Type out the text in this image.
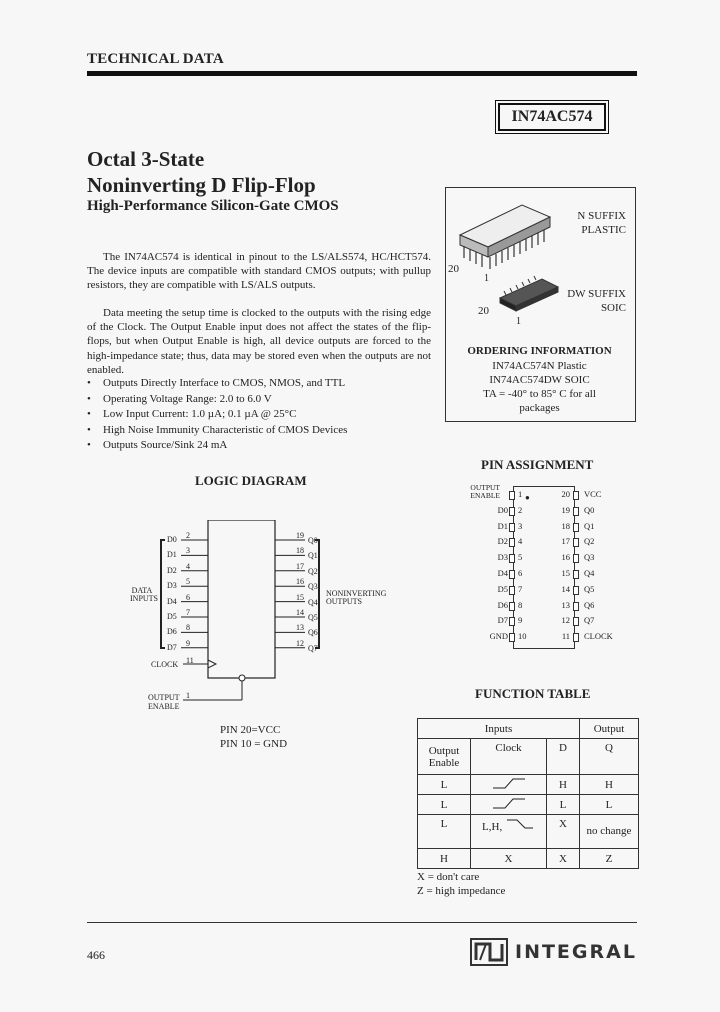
TECHNICAL DATA
IN74AC574
Octal 3-State
Noninverting D Flip-Flop
High-Performance Silicon-Gate CMOS
The IN74AC574 is identical in pinout to the LS/ALS574, HC/HCT574. The device inputs are compatible with standard CMOS outputs; with pullup resistors, they are compatible with LS/ALS outputs.
Data meeting the setup time is clocked to the outputs with the rising edge of the Clock. The Output Enable input does not affect the states of the flip-flops, but when Output Enable is high, all device outputs are forced to the high-impedance state; thus, data may be stored even when the outputs are not enabled.
• Outputs Directly Interface to CMOS, NMOS, and TTL
• Operating Voltage Range: 2.0 to 6.0 V
• Low Input Current: 1.0 µA; 0.1 µA @ 25°C
• High Noise Immunity Characteristic of CMOS Devices
• Outputs Source/Sink 24 mA
20
1
20
1
N SUFFIX
PLASTIC
DW SUFFIX
SOIC
ORDERING INFORMATION
IN74AC574N Plastic
IN74AC574DW SOIC
TA = -40° to 85° C for all
packages
LOGIC DIAGRAM
D0 2
D1 3
D2 4
D3 5
D4 6
D5 7
D6 8
D7 9
19
Q0
18
Q1
17
Q2
16
Q3
15
Q4
14
Q5
13
Q6
12
Q7
DATA INPUTS
NONINVERTING OUTPUTS
CLOCK 11
OUTPUT
ENABLE
1
PIN 20=VCC
PIN 10 = GND
PIN ASSIGNMENT
OUTPUT ENABLE 1	20 VCC
D0 2	19 Q0
D1 3	18 Q1
D2 4	17 Q2
D3 5	16 Q3
D4 6	15 Q4
D5 7	14 Q5
D6 8	13 Q6
D7 9	12 Q7
GND 10	11 CLOCK
●
FUNCTION TABLE
Inputs			Output
Output Enable	Clock	D	Q
L		H	H
L		L	L
L	L,H,	X	no change
H	X	X	Z
X = don't care
Z = high impedance
466	INTEGRAL
